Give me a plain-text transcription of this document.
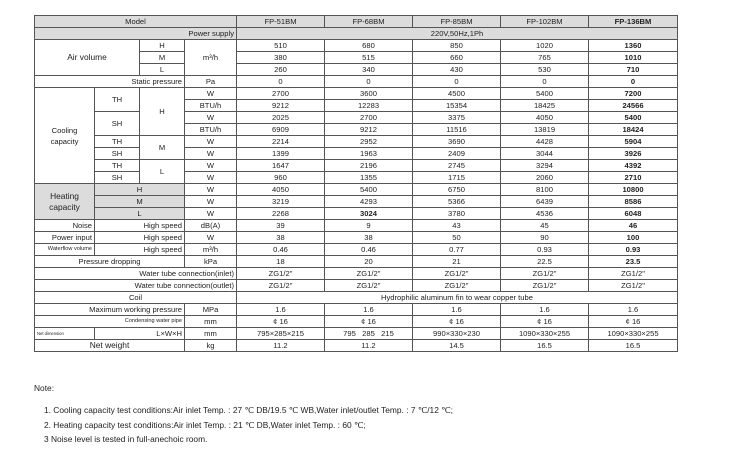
Model				FP-51BM	FP-68BM	FP-85BM	FP-102BM	FP-136BM
Power supply				220V,50Hz,1Ph				
Air volume		H	m³/h	510	680	850	1020	1360
		M		380	515	660	765	1010
		L		260	340	430	530	710
Static pressure			Pa	0	0	0	0	0
Cooling
capacity	TH	H	W	2700	3600	4500	5400	7200
			BTU/h	9212	12283	15354	18425	24566
	SH		W	2025	2700	3375	4050	5400
			BTU/h	6909	9212	11516	13819	18424
	TH	M	W	2214	2952	3690	4428	5904
	SH		W	1399	1963	2409	3044	3926
	TH	L	W	1647	2196	2745	3294	4392
	SH		W	960	1355	1715	2060	2710
Heating
capacity	H		W	4050	5400	6750	8100	10800
	M		W	3219	4293	5366	6439	8586
	L		W	2268	3024	3780	4536	6048
Noise	High speed		dB(A)	39	9	43	45	46
Power input	High speed		W	38	38	50	90	100
Waterflow volume	High speed		m³/h	0.46	0.46	0.77	0.93	0.93
Pressure dropping			kPa	18	20	21	22.5	23.5
Water tube connection(inlet)				ZG1/2"	ZG1/2"	ZG1/2"	ZG1/2"	ZG1/2"
Water tube connection(outlet)				ZG1/2"	ZG1/2"	ZG1/2"	ZG1/2"	ZG1/2"
Coil				Hydrophilic aluminum fin to wear copper tube				
Maximum working pressure			MPa	1.6	1.6	1.6	1.6	1.6
Condensing water pipe			mm	¢ 16	¢ 16	¢ 16	¢ 16	¢ 16
Net dimension	L×W×H		mm	795×285×215	795   285   215	990×330×230	1090×330×255	1090×330×255
Net weight			kg	11.2	11.2	14.5	16.5	16.5
Note:
1. Cooling capacity test conditions:Air inlet Temp. : 27 ℃ DB/19.5 ℃ WB,Water inlet/outlet Temp. : 7 ℃/12 ℃;
2. Heating capacity test conditions:Air inlet Temp. : 21 ℃ DB,Water inlet Temp. : 60 ℃;
3 Noise level is tested in full-anechoic room.
